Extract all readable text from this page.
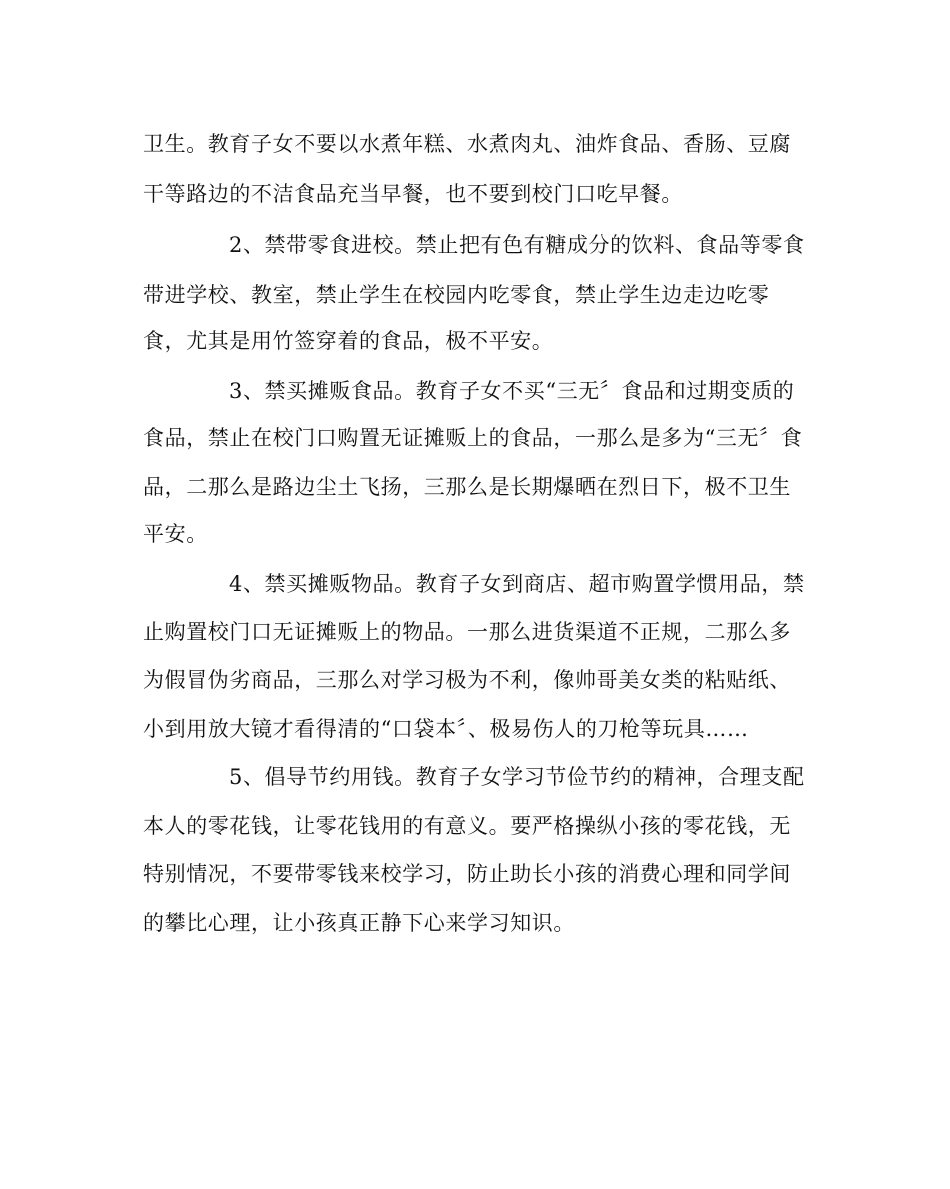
卫生。教育子女不要以水煮年糕、水煮肉丸、油炸食品、香肠、豆腐
干等路边的不洁食品充当早餐，也不要到校门口吃早餐。
2、禁带零食进校。禁止把有色有糖成分的饮料、食品等零食
带进学校、教室，禁止学生在校园内吃零食，禁止学生边走边吃零
食，尤其是用竹签穿着的食品，极不平安。
3、禁买摊贩食品。教育子女不买“三无〞食品和过期变质的
食品，禁止在校门口购置无证摊贩上的食品，一那么是多为“三无〞食
品，二那么是路边尘土飞扬，三那么是长期爆晒在烈日下，极不卫生
平安。
4、禁买摊贩物品。教育子女到商店、超市购置学惯用品，禁
止购置校门口无证摊贩上的物品。一那么进货渠道不正规，二那么多
为假冒伪劣商品，三那么对学习极为不利，像帅哥美女类的粘贴纸、
小到用放大镜才看得清的“口袋本〞、极易伤人的刀枪等玩具……
5、倡导节约用钱。教育子女学习节俭节约的精神，合理支配
本人的零花钱，让零花钱用的有意义。要严格操纵小孩的零花钱，无
特别情况，不要带零钱来校学习，防止助长小孩的消费心理和同学间
的攀比心理，让小孩真正静下心来学习知识。
